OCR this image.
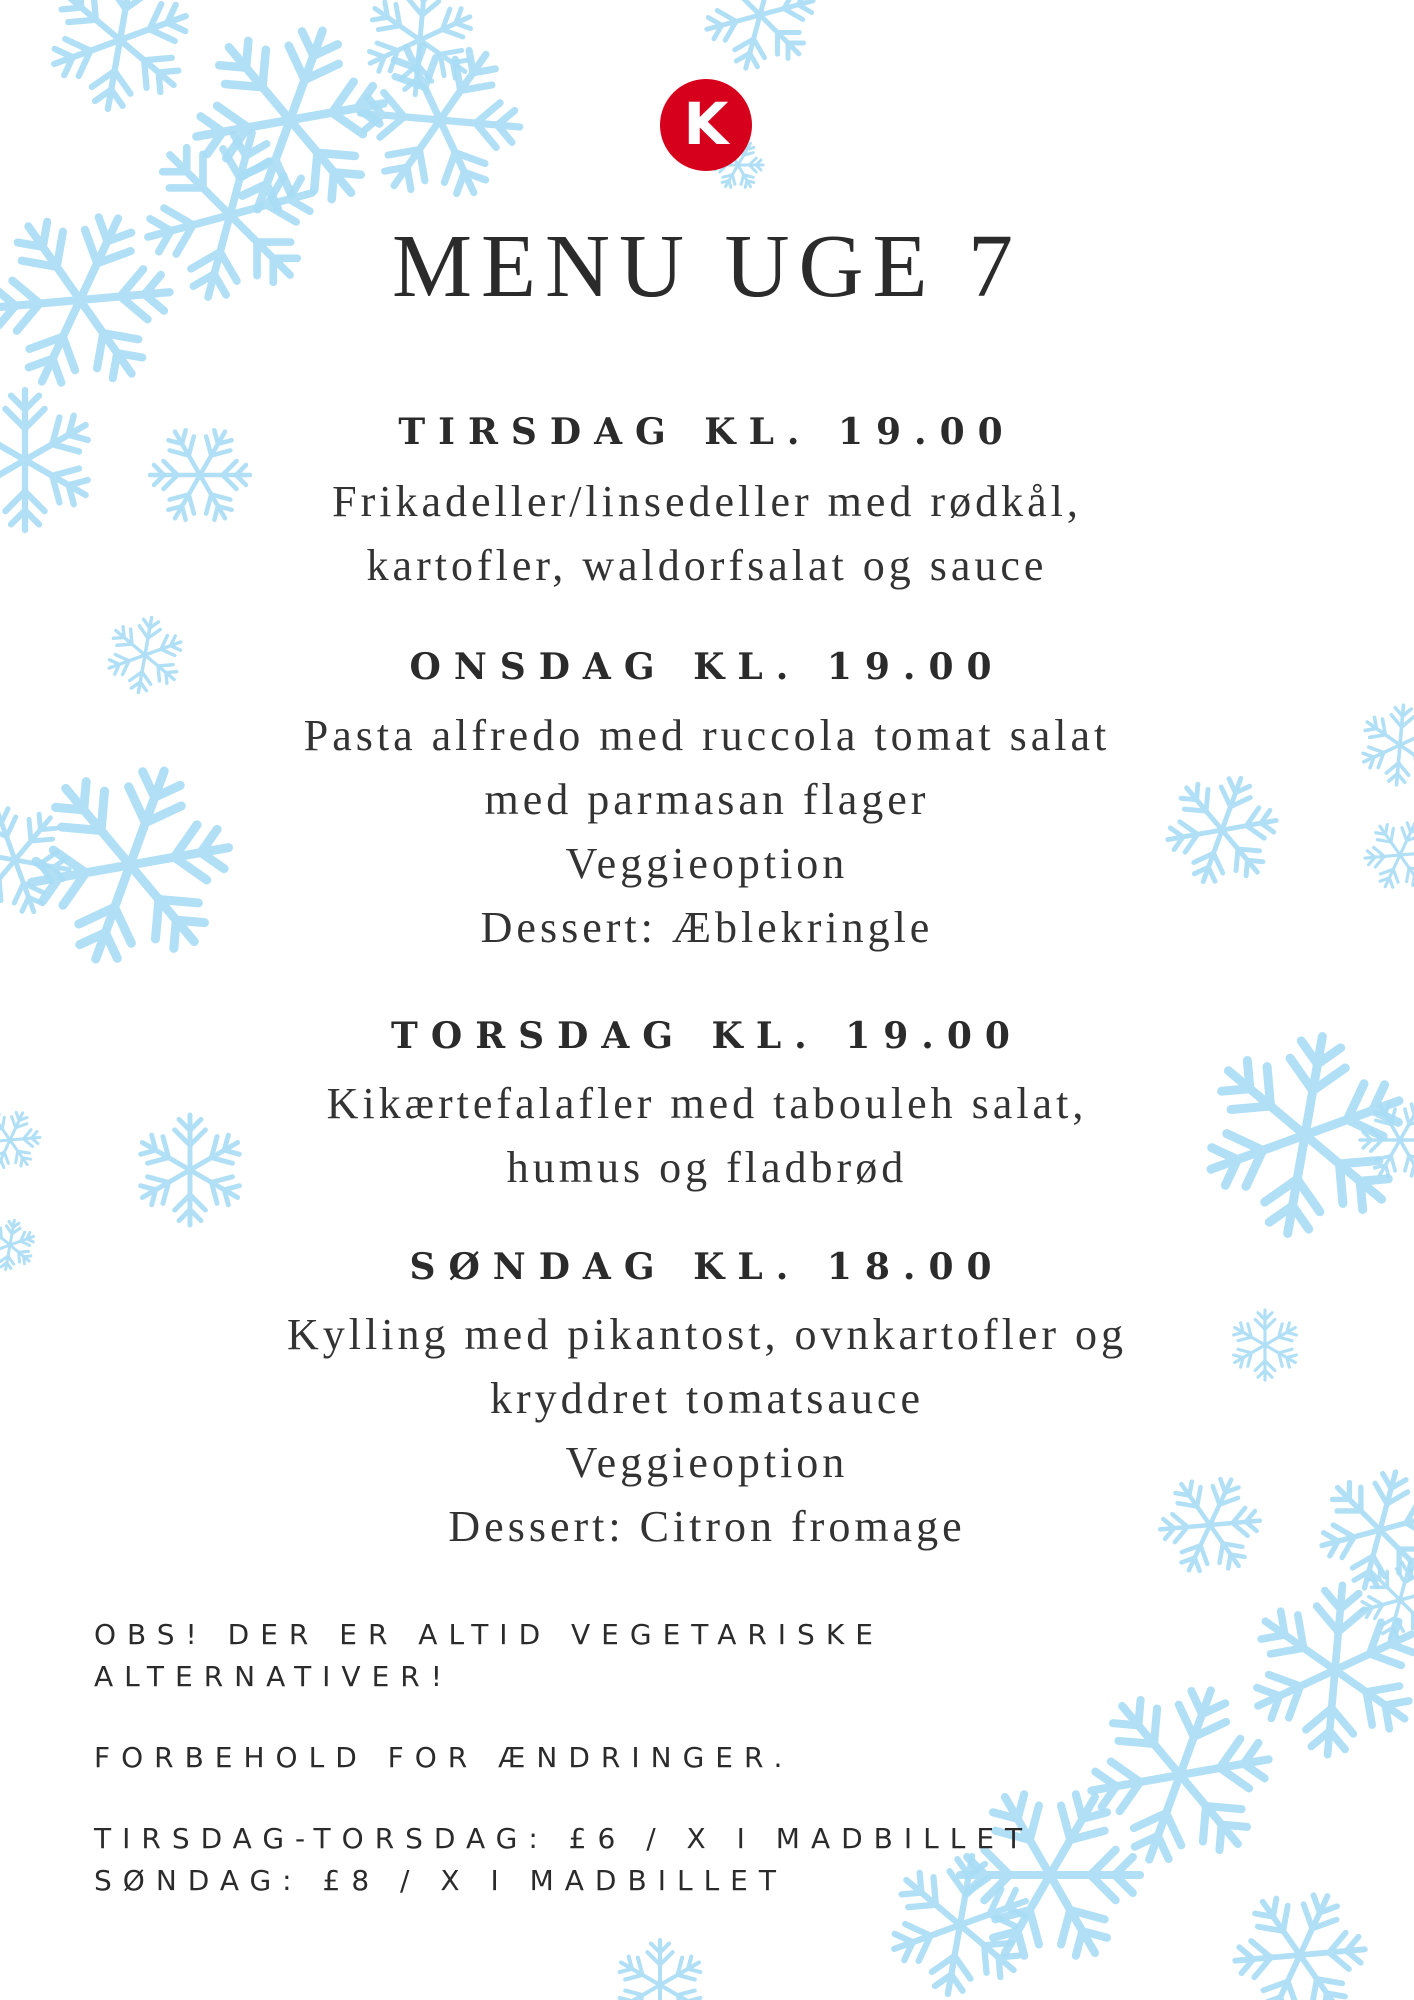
K
MENU UGE 7
TIRSDAG KL. 19.00
Frikadeller/linsedeller med rødkål,
kartofler, waldorfsalat og sauce
ONSDAG KL. 19.00
Pasta alfredo med ruccola tomat salat
med parmasan flager
Veggieoption
Dessert: Æblekringle
TORSDAG KL. 19.00
Kikærtefalafler med tabouleh salat,
humus og fladbrød
SØNDAG KL. 18.00
Kylling med pikantost, ovnkartofler og
kryddret tomatsauce
Veggieoption
Dessert: Citron fromage
OBS! DER ER ALTID VEGETARISKE
ALTERNATIVER!
FORBEHOLD FOR ÆNDRINGER.
TIRSDAG-TORSDAG: £6 / X I MADBILLET
SØNDAG: £8 / X I MADBILLET
